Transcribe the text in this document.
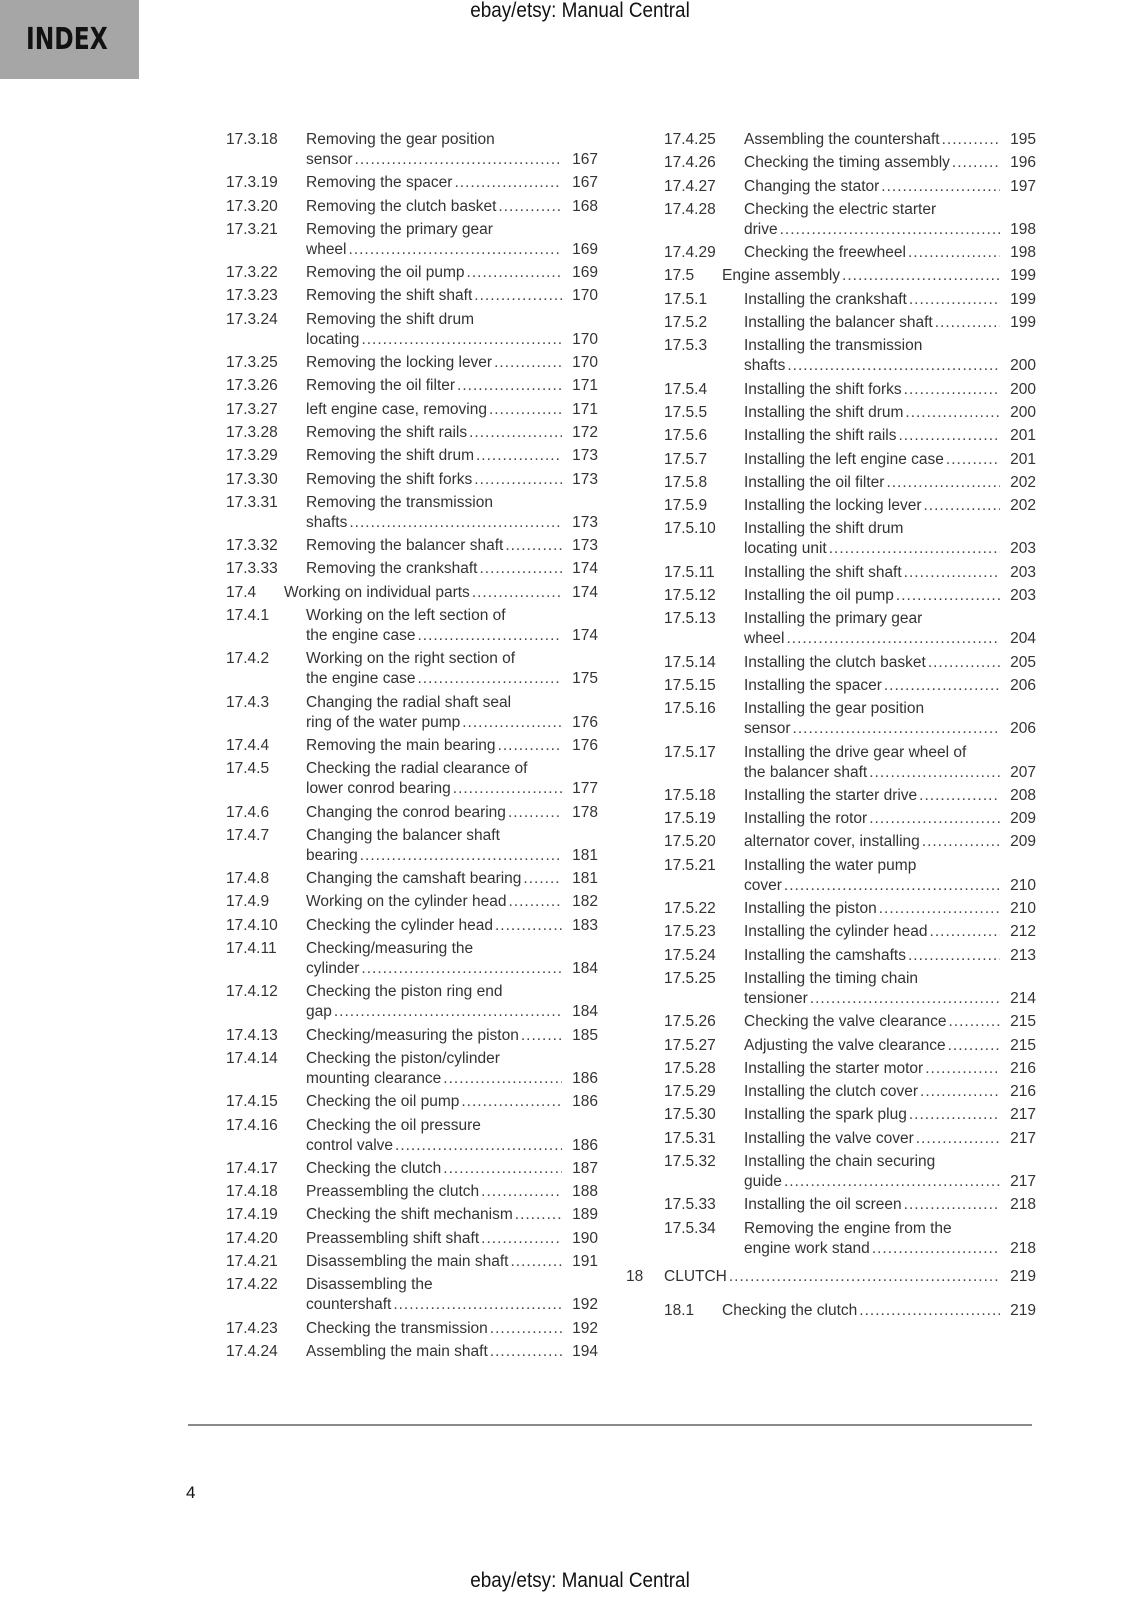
INDEX
ebay/etsy: Manual Central
17.3.18 Removing the gear position
sensor .....	167
17.3.19 Removing the spacer .....	167
17.3.20 Removing the clutch basket .....	168
17.3.21 Removing the primary gear
wheel .....	169
17.3.22 Removing the oil pump .....	169
17.3.23 Removing the shift shaft .....	170
17.3.24 Removing the shift drum
locating .....	170
17.3.25 Removing the locking lever .....	170
17.3.26 Removing the oil filter .....	171
17.3.27 left engine case, removing .....	171
17.3.28 Removing the shift rails .....	172
17.3.29 Removing the shift drum .....	173
17.3.30 Removing the shift forks .....	173
17.3.31 Removing the transmission
shafts .....	173
17.3.32 Removing the balancer shaft .....	173
17.3.33 Removing the crankshaft .....	174
17.4 Working on individual parts .....	174
17.4.1 Working on the left section of
the engine case .....	174
17.4.2 Working on the right section of
the engine case .....	175
17.4.3 Changing the radial shaft seal
ring of the water pump .....	176
17.4.4 Removing the main bearing .....	176
17.4.5 Checking the radial clearance of
lower conrod bearing .....	177
17.4.6 Changing the conrod bearing .....	178
17.4.7 Changing the balancer shaft
bearing .....	181
17.4.8 Changing the camshaft bearing .....	181
17.4.9 Working on the cylinder head .....	182
17.4.10 Checking the cylinder head .....	183
17.4.11 Checking/measuring the
cylinder .....	184
17.4.12 Checking the piston ring end
gap .....	184
17.4.13 Checking/measuring the piston .....	185
17.4.14 Checking the piston/cylinder
mounting clearance .....	186
17.4.15 Checking the oil pump .....	186
17.4.16 Checking the oil pressure
control valve .....	186
17.4.17 Checking the clutch .....	187
17.4.18 Preassembling the clutch .....	188
17.4.19 Checking the shift mechanism .....	189
17.4.20 Preassembling shift shaft .....	190
17.4.21 Disassembling the main shaft .....	191
17.4.22 Disassembling the
countershaft .....	192
17.4.23 Checking the transmission .....	192
17.4.24 Assembling the main shaft .....	194
17.4.25 Assembling the countershaft .....	195
17.4.26 Checking the timing assembly .....	196
17.4.27 Changing the stator .....	197
17.4.28 Checking the electric starter
drive .....	198
17.4.29 Checking the freewheel .....	198
17.5 Engine assembly .....	199
17.5.1 Installing the crankshaft .....	199
17.5.2 Installing the balancer shaft .....	199
17.5.3 Installing the transmission
shafts .....	200
17.5.4 Installing the shift forks .....	200
17.5.5 Installing the shift drum .....	200
17.5.6 Installing the shift rails .....	201
17.5.7 Installing the left engine case .....	201
17.5.8 Installing the oil filter .....	202
17.5.9 Installing the locking lever .....	202
17.5.10 Installing the shift drum
locating unit .....	203
17.5.11 Installing the shift shaft .....	203
17.5.12 Installing the oil pump .....	203
17.5.13 Installing the primary gear
wheel .....	204
17.5.14 Installing the clutch basket .....	205
17.5.15 Installing the spacer .....	206
17.5.16 Installing the gear position
sensor .....	206
17.5.17 Installing the drive gear wheel of
the balancer shaft .....	207
17.5.18 Installing the starter drive .....	208
17.5.19 Installing the rotor .....	209
17.5.20 alternator cover, installing .....	209
17.5.21 Installing the water pump
cover .....	210
17.5.22 Installing the piston .....	210
17.5.23 Installing the cylinder head .....	212
17.5.24 Installing the camshafts .....	213
17.5.25 Installing the timing chain
tensioner .....	214
17.5.26 Checking the valve clearance .....	215
17.5.27 Adjusting the valve clearance .....	215
17.5.28 Installing the starter motor .....	216
17.5.29 Installing the clutch cover .....	216
17.5.30 Installing the spark plug .....	217
17.5.31 Installing the valve cover .....	217
17.5.32 Installing the chain securing
guide .....	217
17.5.33 Installing the oil screen .....	218
17.5.34 Removing the engine from the
engine work stand .....	218
18 CLUTCH .....	219
18.1 Checking the clutch .....	219
4
ebay/etsy: Manual Central
